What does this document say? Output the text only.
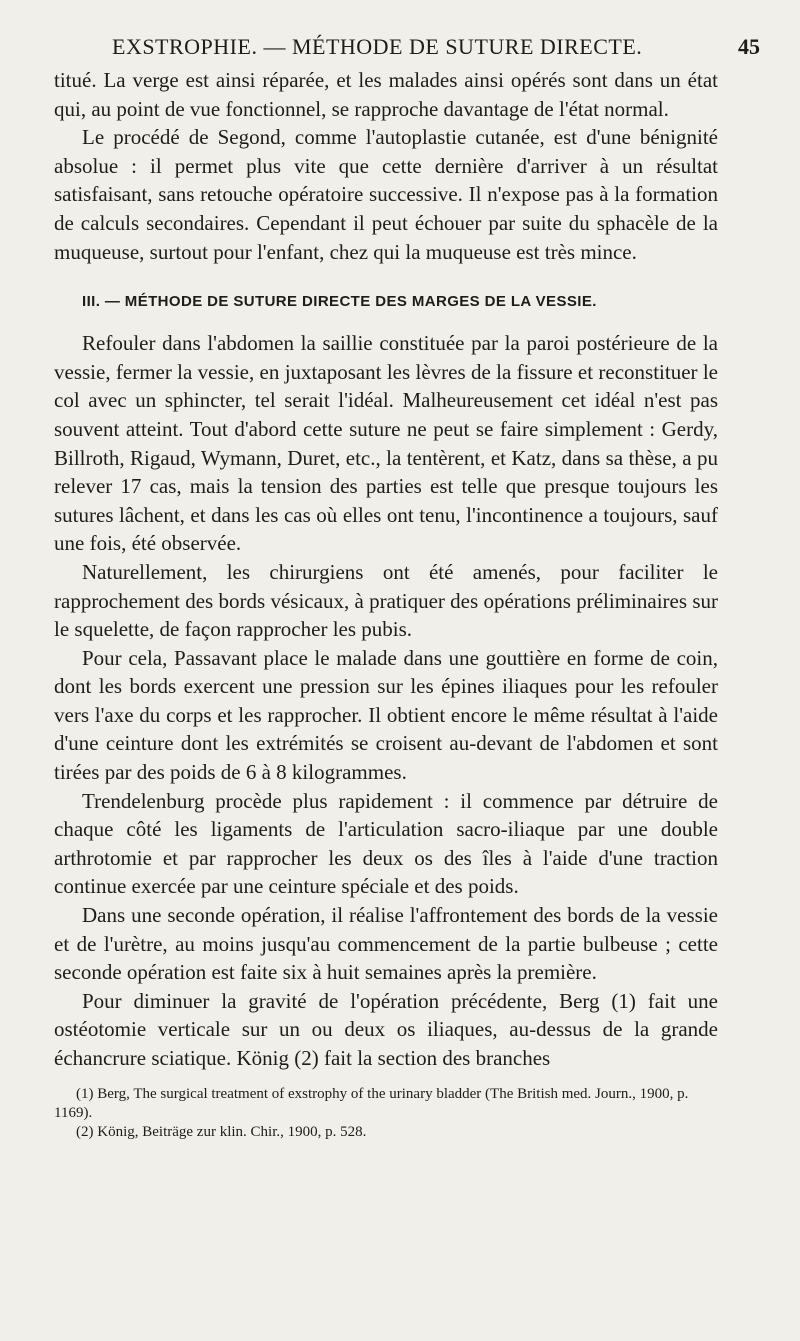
EXSTROPHIE. — MÉTHODE DE SUTURE DIRECTE.	45

titué. La verge est ainsi réparée, et les malades ainsi opérés sont dans un état qui, au point de vue fonctionnel, se rapproche davantage de l'état normal.

Le procédé de Segond, comme l'autoplastie cutanée, est d'une bénignité absolue : il permet plus vite que cette dernière d'arriver à un résultat satisfaisant, sans retouche opératoire successive. Il n'expose pas à la formation de calculs secondaires. Cependant il peut échouer par suite du sphacèle de la muqueuse, surtout pour l'enfant, chez qui la muqueuse est très mince.

III. — MÉTHODE DE SUTURE DIRECTE DES MARGES DE LA VESSIE.

Refouler dans l'abdomen la saillie constituée par la paroi postérieure de la vessie, fermer la vessie, en juxtaposant les lèvres de la fissure et reconstituer le col avec un sphincter, tel serait l'idéal. Malheureusement cet idéal n'est pas souvent atteint. Tout d'abord cette suture ne peut se faire simplement : Gerdy, Billroth, Rigaud, Wymann, Duret, etc., la tentèrent, et Katz, dans sa thèse, a pu relever 17 cas, mais la tension des parties est telle que presque toujours les sutures lâchent, et dans les cas où elles ont tenu, l'incontinence a toujours, sauf une fois, été observée.

Naturellement, les chirurgiens ont été amenés, pour faciliter le rapprochement des bords vésicaux, à pratiquer des opérations préliminaires sur le squelette, de façon rapprocher les pubis.

Pour cela, Passavant place le malade dans une gouttière en forme de coin, dont les bords exercent une pression sur les épines iliaques pour les refouler vers l'axe du corps et les rapprocher. Il obtient encore le même résultat à l'aide d'une ceinture dont les extrémités se croisent au-devant de l'abdomen et sont tirées par des poids de 6 à 8 kilogrammes.

Trendelenburg procède plus rapidement : il commence par détruire de chaque côté les ligaments de l'articulation sacro-iliaque par une double arthrotomie et par rapprocher les deux os des îles à l'aide d'une traction continue exercée par une ceinture spéciale et des poids.

Dans une seconde opération, il réalise l'affrontement des bords de la vessie et de l'urètre, au moins jusqu'au commencement de la partie bulbeuse ; cette seconde opération est faite six à huit semaines après la première.

Pour diminuer la gravité de l'opération précédente, Berg (1) fait une ostéotomie verticale sur un ou deux os iliaques, au-dessus de la grande échancrure sciatique. König (2) fait la section des branches

(1) Berg, The surgical treatment of exstrophy of the urinary bladder (The British med. Journ., 1900, p. 1169).
(2) König, Beiträge zur klin. Chir., 1900, p. 528.
